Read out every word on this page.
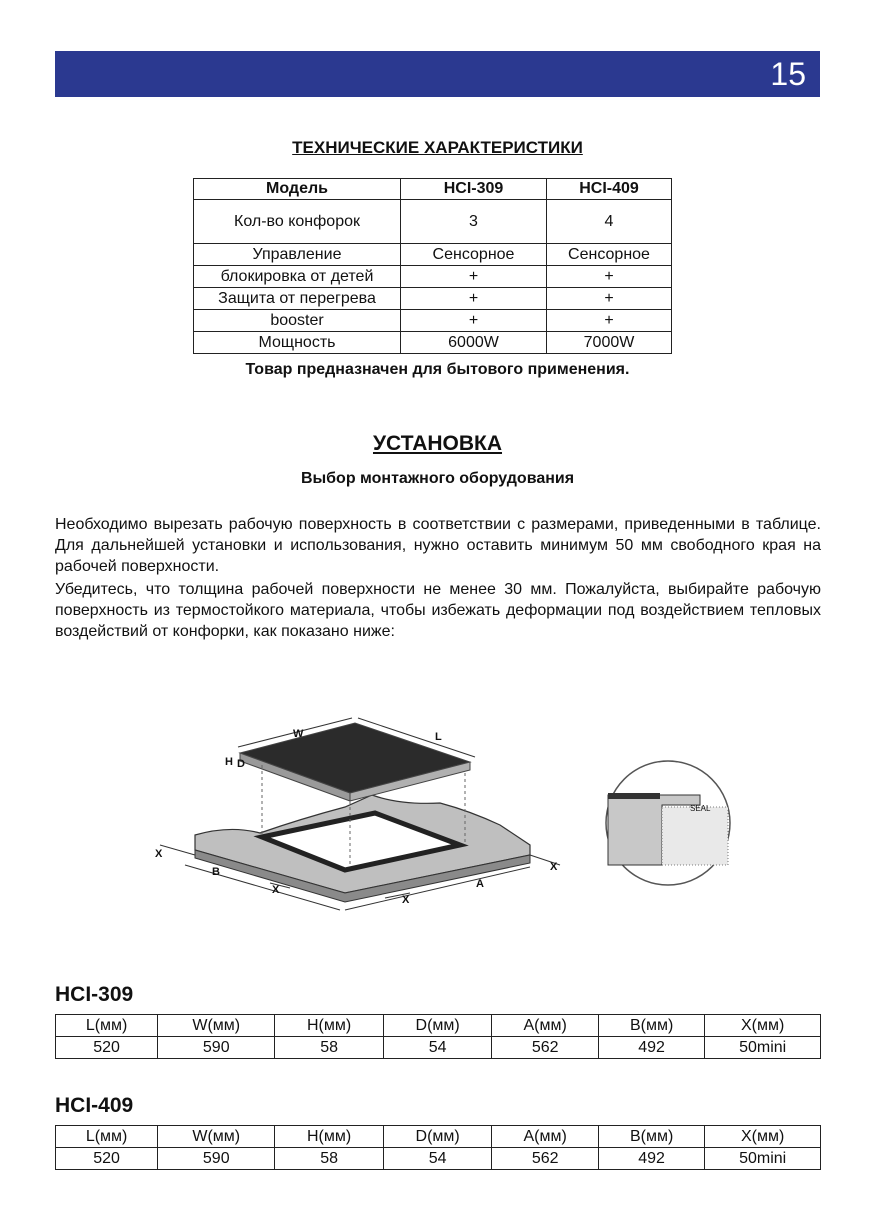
15
ТЕХНИЧЕСКИЕ ХАРАКТЕРИСТИКИ
Модель	HCI-309	HCI-409
Кол-во конфорок	3	4
Управление	Сенсорное	Сенсорное
блокировка от детей	+	+
Защита от перегрева	+	+
booster	+	+
Мощность	6000W	7000W
Товар предназначен для бытового применения.
УСТАНОВКА
Выбор монтажного оборудования
Необходимо вырезать рабочую поверхность в соответствии с размерами, приведенными в таблице. Для дальнейшей установки и использования, нужно оставить минимум 50 мм свободного края на рабочей поверхности.
Убедитесь, что толщина рабочей поверхности не менее 30 мм. Пожалуйста, выбирайте рабочую поверхность из термостойкого материала, чтобы избежать деформации под воздействием тепловых воздействий от конфорки, как показано ниже:
W	L
H D
X
B
X
X
A
X
SEAL
HCI-309
L(мм)	W(мм)	H(мм)	D(мм)	A(мм)	B(мм)	X(мм)
520	590	58	54	562	492	50mini
HCI-409
L(мм)	W(мм)	H(мм)	D(мм)	A(мм)	B(мм)	X(мм)
520	590	58	54	562	492	50mini
